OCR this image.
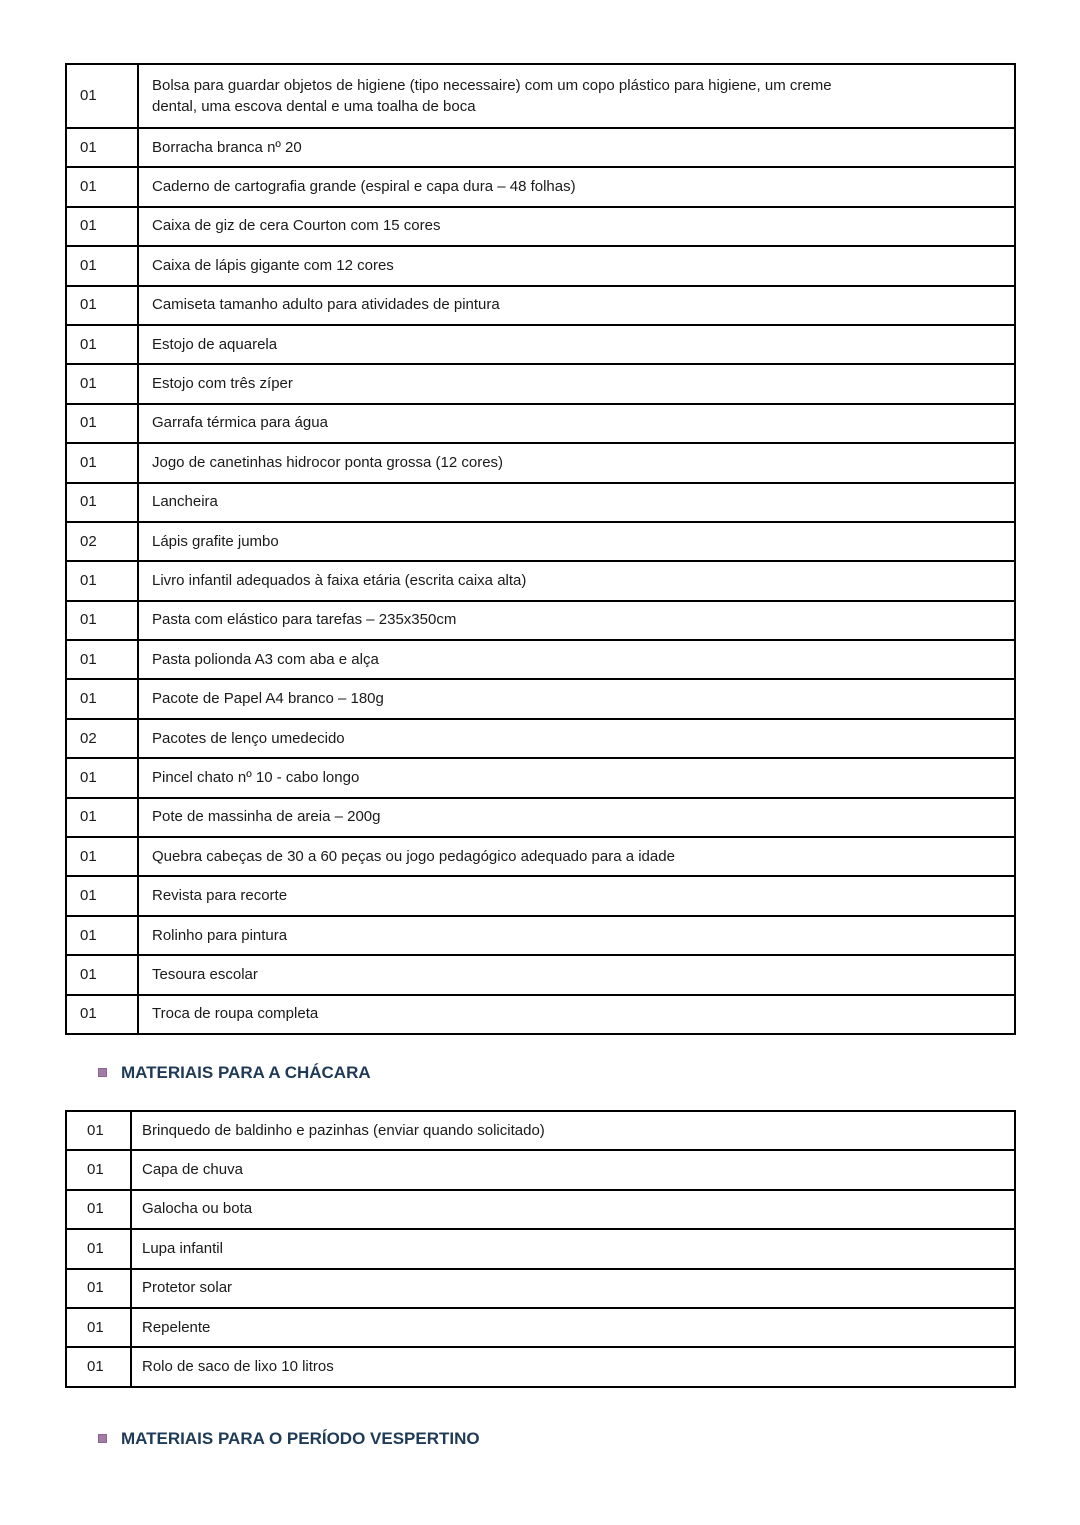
01	Bolsa para guardar objetos de higiene (tipo necessaire) com um copo plástico para higiene, um creme
dental, uma escova dental e uma toalha de boca
01	Borracha branca nº 20
01	Caderno de cartografia grande (espiral e capa dura – 48 folhas)
01	Caixa de giz de cera Courton com 15 cores
01	Caixa de lápis gigante com 12 cores
01	Camiseta tamanho adulto para atividades de pintura
01	Estojo de aquarela
01	Estojo com três zíper
01	Garrafa térmica para água
01	Jogo de canetinhas hidrocor ponta grossa (12 cores)
01	Lancheira
02	Lápis grafite jumbo
01	Livro infantil adequados à faixa etária (escrita caixa alta)
01	Pasta com elástico para tarefas – 235x350cm
01	Pasta polionda A3 com aba e alça
01	Pacote de Papel A4 branco – 180g
02	Pacotes de lenço umedecido
01	Pincel chato nº 10 - cabo longo
01	Pote de massinha de areia – 200g
01	Quebra cabeças de 30 a 60 peças ou jogo pedagógico adequado para a idade
01	Revista para recorte
01	Rolinho para pintura
01	Tesoura escolar
01	Troca de roupa completa
MATERIAIS PARA A CHÁCARA
01	Brinquedo de baldinho e pazinhas (enviar quando solicitado)
01	Capa de chuva
01	Galocha ou bota
01	Lupa infantil
01	Protetor solar
01	Repelente
01	Rolo de saco de lixo 10 litros
MATERIAIS PARA O PERÍODO VESPERTINO
